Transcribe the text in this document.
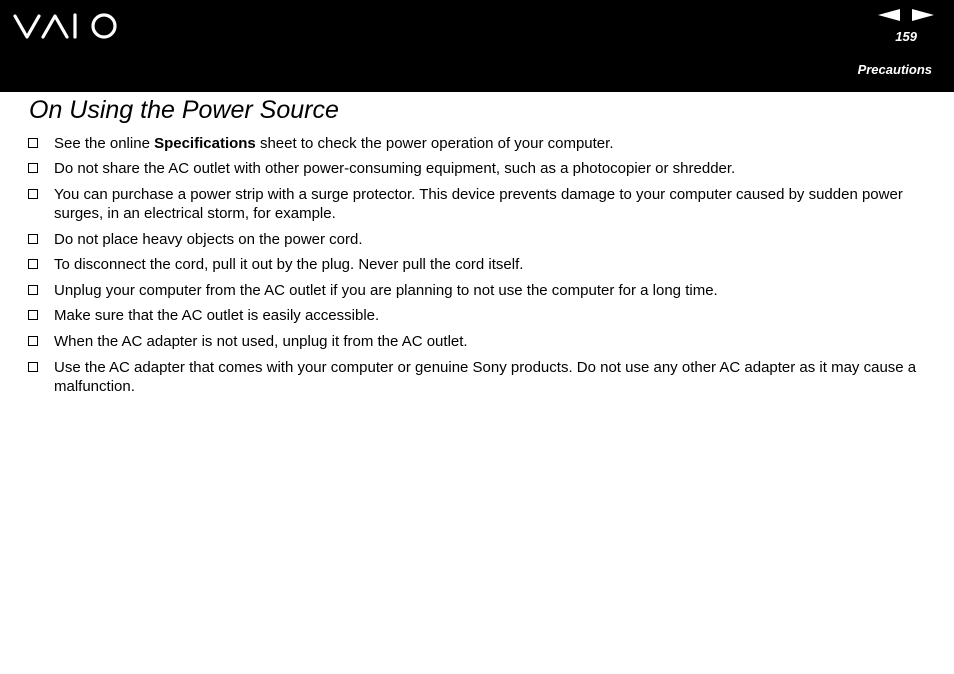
159
Precautions
On Using the Power Source

See the online Specifications sheet to check the power operation of your computer.

Do not share the AC outlet with other power-consuming equipment, such as a photocopier or shredder.

You can purchase a power strip with a surge protector. This device prevents damage to your computer caused by sudden power surges, in an electrical storm, for example.

Do not place heavy objects on the power cord.

To disconnect the cord, pull it out by the plug. Never pull the cord itself.

Unplug your computer from the AC outlet if you are planning to not use the computer for a long time.

Make sure that the AC outlet is easily accessible.

When the AC adapter is not used, unplug it from the AC outlet.

Use the AC adapter that comes with your computer or genuine Sony products. Do not use any other AC adapter as it may cause a malfunction.
